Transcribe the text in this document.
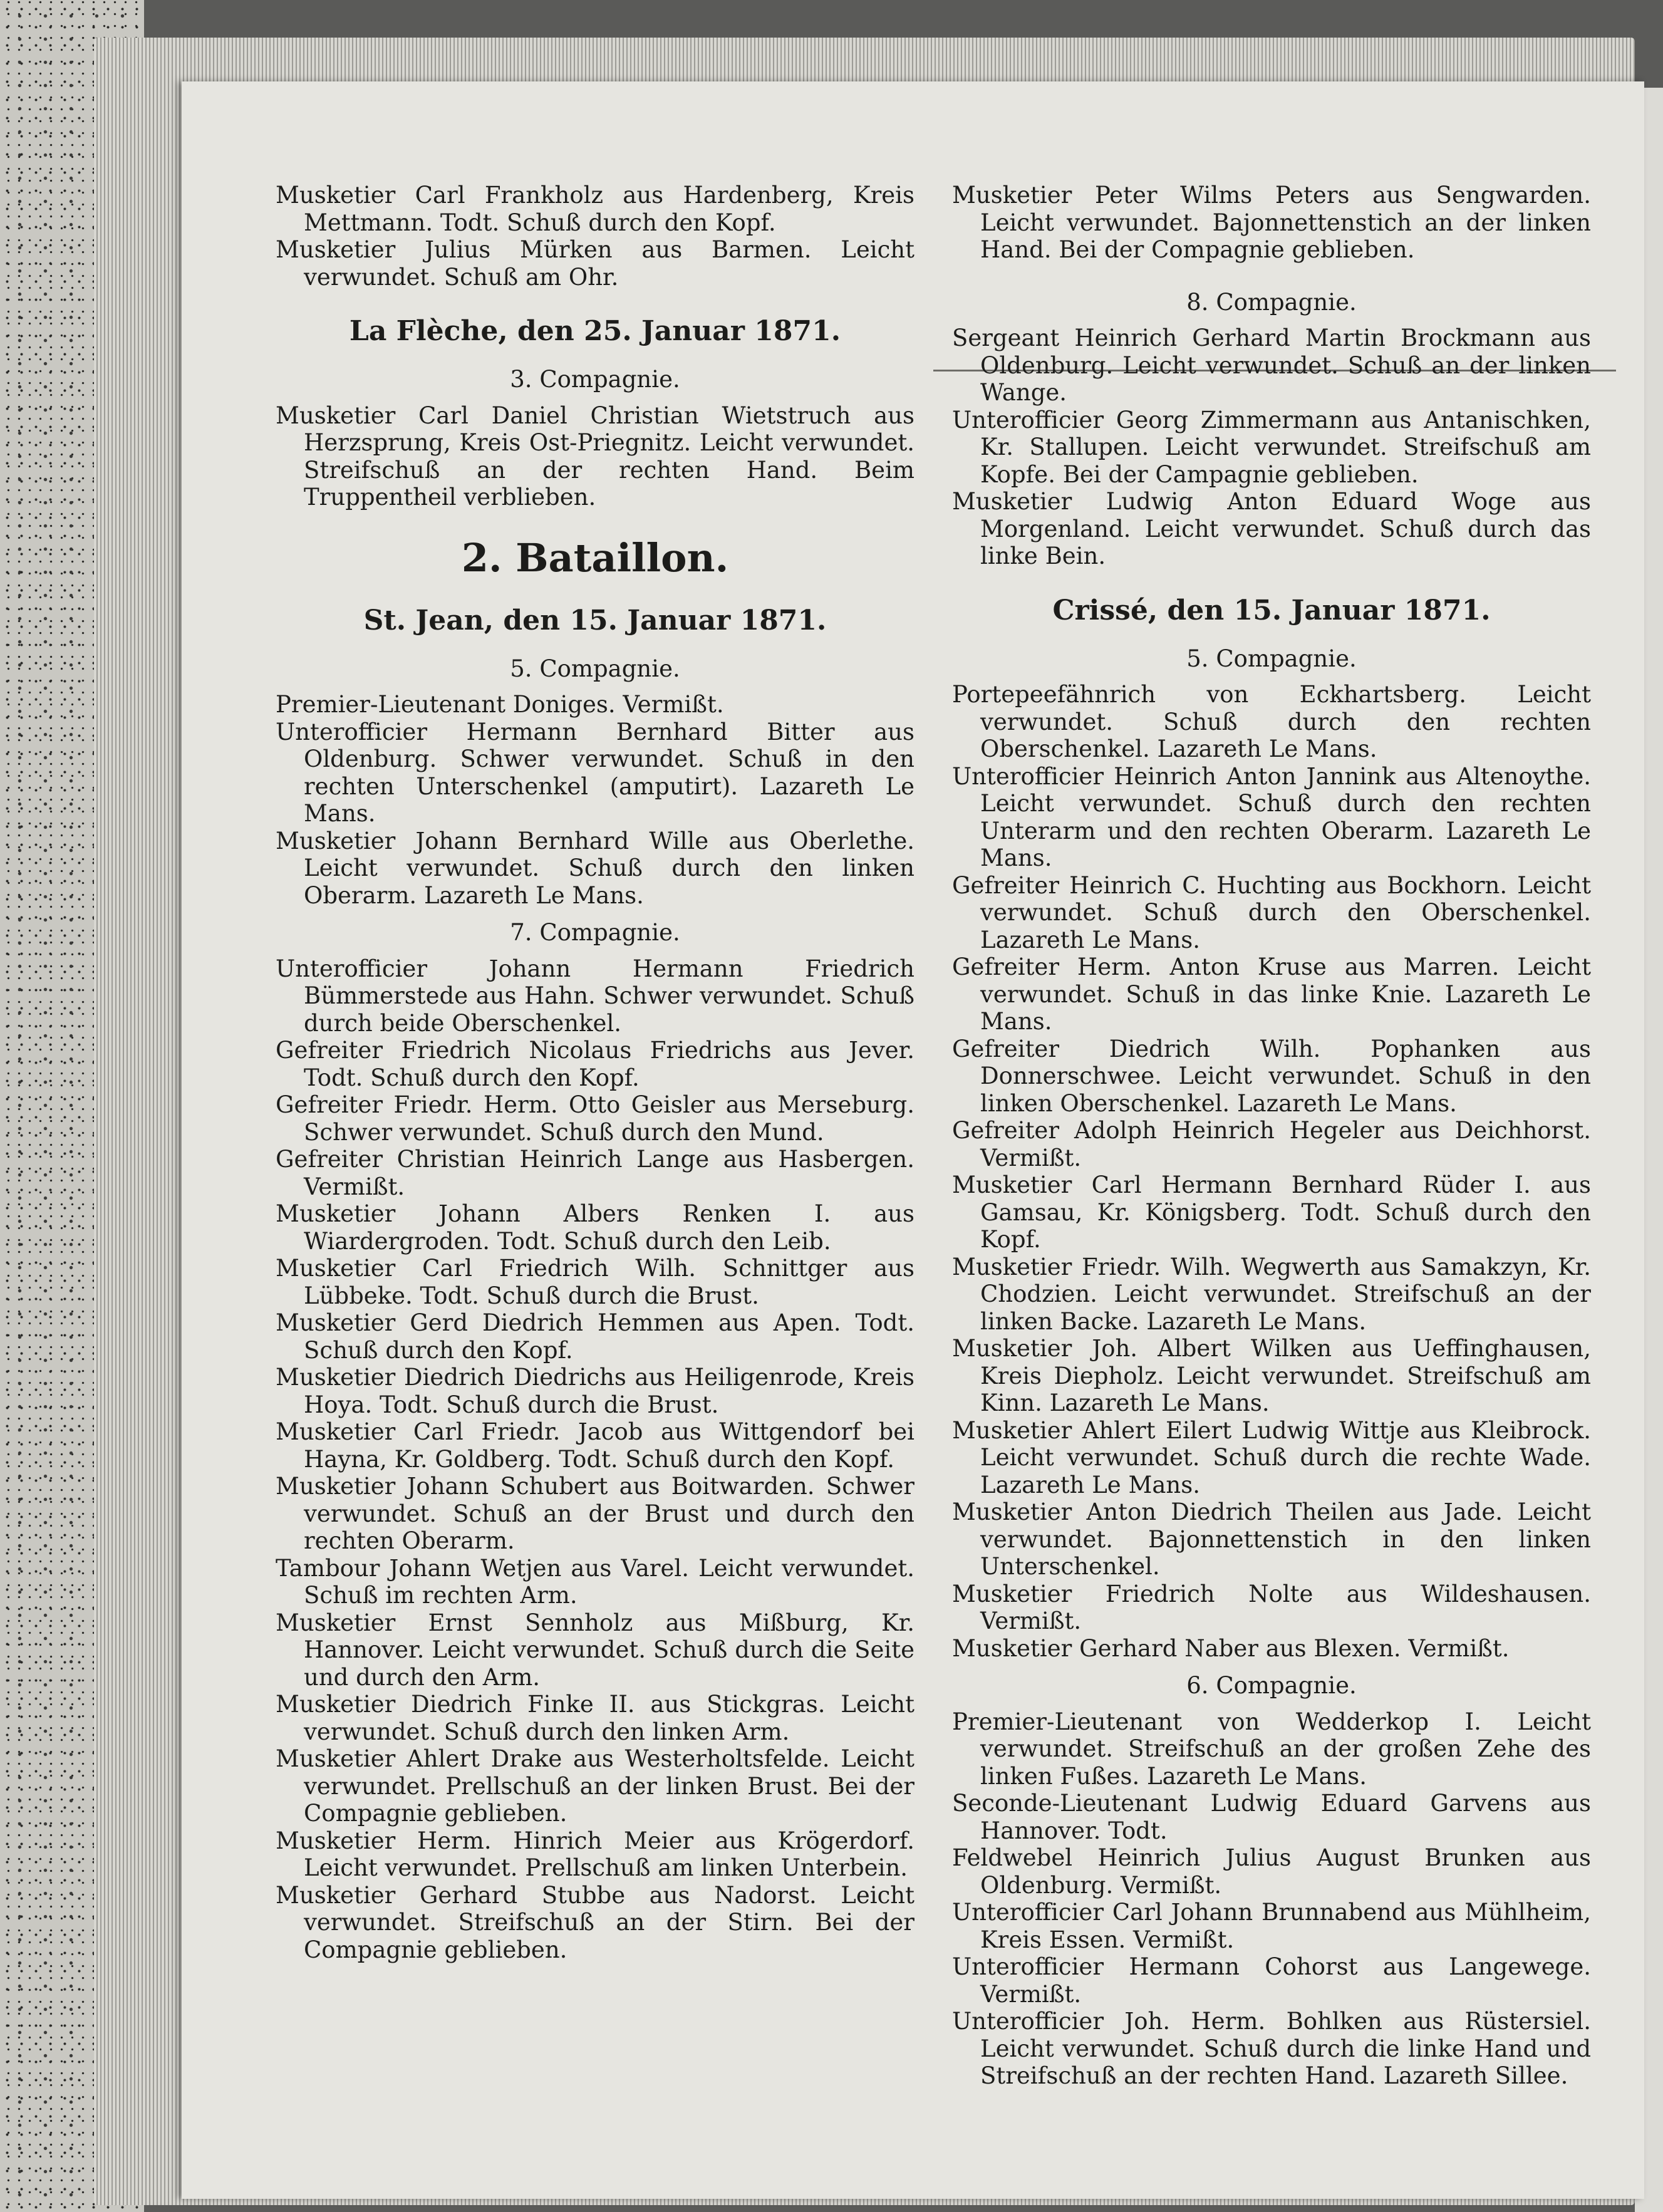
Musketier Carl Frankholz aus Hardenberg, Kreis Mettmann. Todt. Schuß durch den Kopf.

Musketier Julius Mürken aus Barmen. Leicht verwundet. Schuß am Ohr.

La Flèche, den 25. Januar 1871.
3. Compagnie.

Musketier Carl Daniel Christian Wietstruch aus Herzsprung, Kreis Ost-Priegnitz. Leicht verwundet. Streifschuß an der rechten Hand. Beim Truppentheil verblieben.

2. Bataillon.
St. Jean, den 15. Januar 1871.
5. Compagnie.

Premier-Lieutenant Doniges. Vermißt.

Unterofficier Hermann Bernhard Bitter aus Oldenburg. Schwer verwundet. Schuß in den rechten Unterschenkel (amputirt). Lazareth Le Mans.

Musketier Johann Bernhard Wille aus Oberlethe. Leicht verwundet. Schuß durch den linken Oberarm. Lazareth Le Mans.

7. Compagnie.

Unterofficier Johann Hermann Friedrich Bümmerstede aus Hahn. Schwer verwundet. Schuß durch beide Oberschenkel.

Gefreiter Friedrich Nicolaus Friedrichs aus Jever. Todt. Schuß durch den Kopf.

Gefreiter Friedr. Herm. Otto Geisler aus Merseburg. Schwer verwundet. Schuß durch den Mund.

Gefreiter Christian Heinrich Lange aus Hasbergen. Vermißt.

Musketier Johann Albers Renken I. aus Wiardergroden. Todt. Schuß durch den Leib.

Musketier Carl Friedrich Wilh. Schnittger aus Lübbeke. Todt. Schuß durch die Brust.

Musketier Gerd Diedrich Hemmen aus Apen. Todt. Schuß durch den Kopf.

Musketier Diedrich Diedrichs aus Heiligenrode, Kreis Hoya. Todt. Schuß durch die Brust.

Musketier Carl Friedr. Jacob aus Wittgendorf bei Hayna, Kr. Goldberg. Todt. Schuß durch den Kopf.

Musketier Johann Schubert aus Boitwarden. Schwer verwundet. Schuß an der Brust und durch den rechten Oberarm.

Tambour Johann Wetjen aus Varel. Leicht verwundet. Schuß im rechten Arm.

Musketier Ernst Sennholz aus Mißburg, Kr. Hannover. Leicht verwundet. Schuß durch die Seite und durch den Arm.

Musketier Diedrich Finke II. aus Stickgras. Leicht verwundet. Schuß durch den linken Arm.

Musketier Ahlert Drake aus Westerholtsfelde. Leicht verwundet. Prellschuß an der linken Brust. Bei der Compagnie geblieben.

Musketier Herm. Hinrich Meier aus Krögerdorf. Leicht verwundet. Prellschuß am linken Unterbein.

Musketier Gerhard Stubbe aus Nadorst. Leicht verwundet. Streifschuß an der Stirn. Bei der Compagnie geblieben.

Musketier Peter Wilms Peters aus Sengwarden. Leicht verwundet. Bajonnettenstich an der linken Hand. Bei der Compagnie geblieben.

8. Compagnie.

Sergeant Heinrich Gerhard Martin Brockmann aus Oldenburg. Leicht verwundet. Schuß an der linken Wange.

Unterofficier Georg Zimmermann aus Antanischken, Kr. Stallupen. Leicht verwundet. Streifschuß am Kopfe. Bei der Campagnie geblieben.

Musketier Ludwig Anton Eduard Woge aus Morgenland. Leicht verwundet. Schuß durch das linke Bein.

Crissé, den 15. Januar 1871.
5. Compagnie.

Portepeefähnrich von Eckhartsberg. Leicht verwundet. Schuß durch den rechten Oberschenkel. Lazareth Le Mans.

Unterofficier Heinrich Anton Jannink aus Altenoythe. Leicht verwundet. Schuß durch den rechten Unterarm und den rechten Oberarm. Lazareth Le Mans.

Gefreiter Heinrich C. Huchting aus Bockhorn. Leicht verwundet. Schuß durch den Oberschenkel. Lazareth Le Mans.

Gefreiter Herm. Anton Kruse aus Marren. Leicht verwundet. Schuß in das linke Knie. Lazareth Le Mans.

Gefreiter Diedrich Wilh. Pophanken aus Donnerschwee. Leicht verwundet. Schuß in den linken Oberschenkel. Lazareth Le Mans.

Gefreiter Adolph Heinrich Hegeler aus Deichhorst. Vermißt.

Musketier Carl Hermann Bernhard Rüder I. aus Gamsau, Kr. Königsberg. Todt. Schuß durch den Kopf.

Musketier Friedr. Wilh. Wegwerth aus Samakzyn, Kr. Chodzien. Leicht verwundet. Streifschuß an der linken Backe. Lazareth Le Mans.

Musketier Joh. Albert Wilken aus Ueffinghausen, Kreis Diepholz. Leicht verwundet. Streifschuß am Kinn. Lazareth Le Mans.

Musketier Ahlert Eilert Ludwig Wittje aus Kleibrock. Leicht verwundet. Schuß durch die rechte Wade. Lazareth Le Mans.

Musketier Anton Diedrich Theilen aus Jade. Leicht verwundet. Bajonnettenstich in den linken Unterschenkel.

Musketier Friedrich Nolte aus Wildeshausen. Vermißt.

Musketier Gerhard Naber aus Blexen. Vermißt.

6. Compagnie.

Premier-Lieutenant von Wedderkop I. Leicht verwundet. Streifschuß an der großen Zehe des linken Fußes. Lazareth Le Mans.

Seconde-Lieutenant Ludwig Eduard Garvens aus Hannover. Todt.

Feldwebel Heinrich Julius August Brunken aus Oldenburg. Vermißt.

Unterofficier Carl Johann Brunnabend aus Mühlheim, Kreis Essen. Vermißt.

Unterofficier Hermann Cohorst aus Langewege. Vermißt.

Unterofficier Joh. Herm. Bohlken aus Rüstersiel. Leicht verwundet. Schuß durch die linke Hand und Streifschuß an der rechten Hand. Lazareth Sillee.
